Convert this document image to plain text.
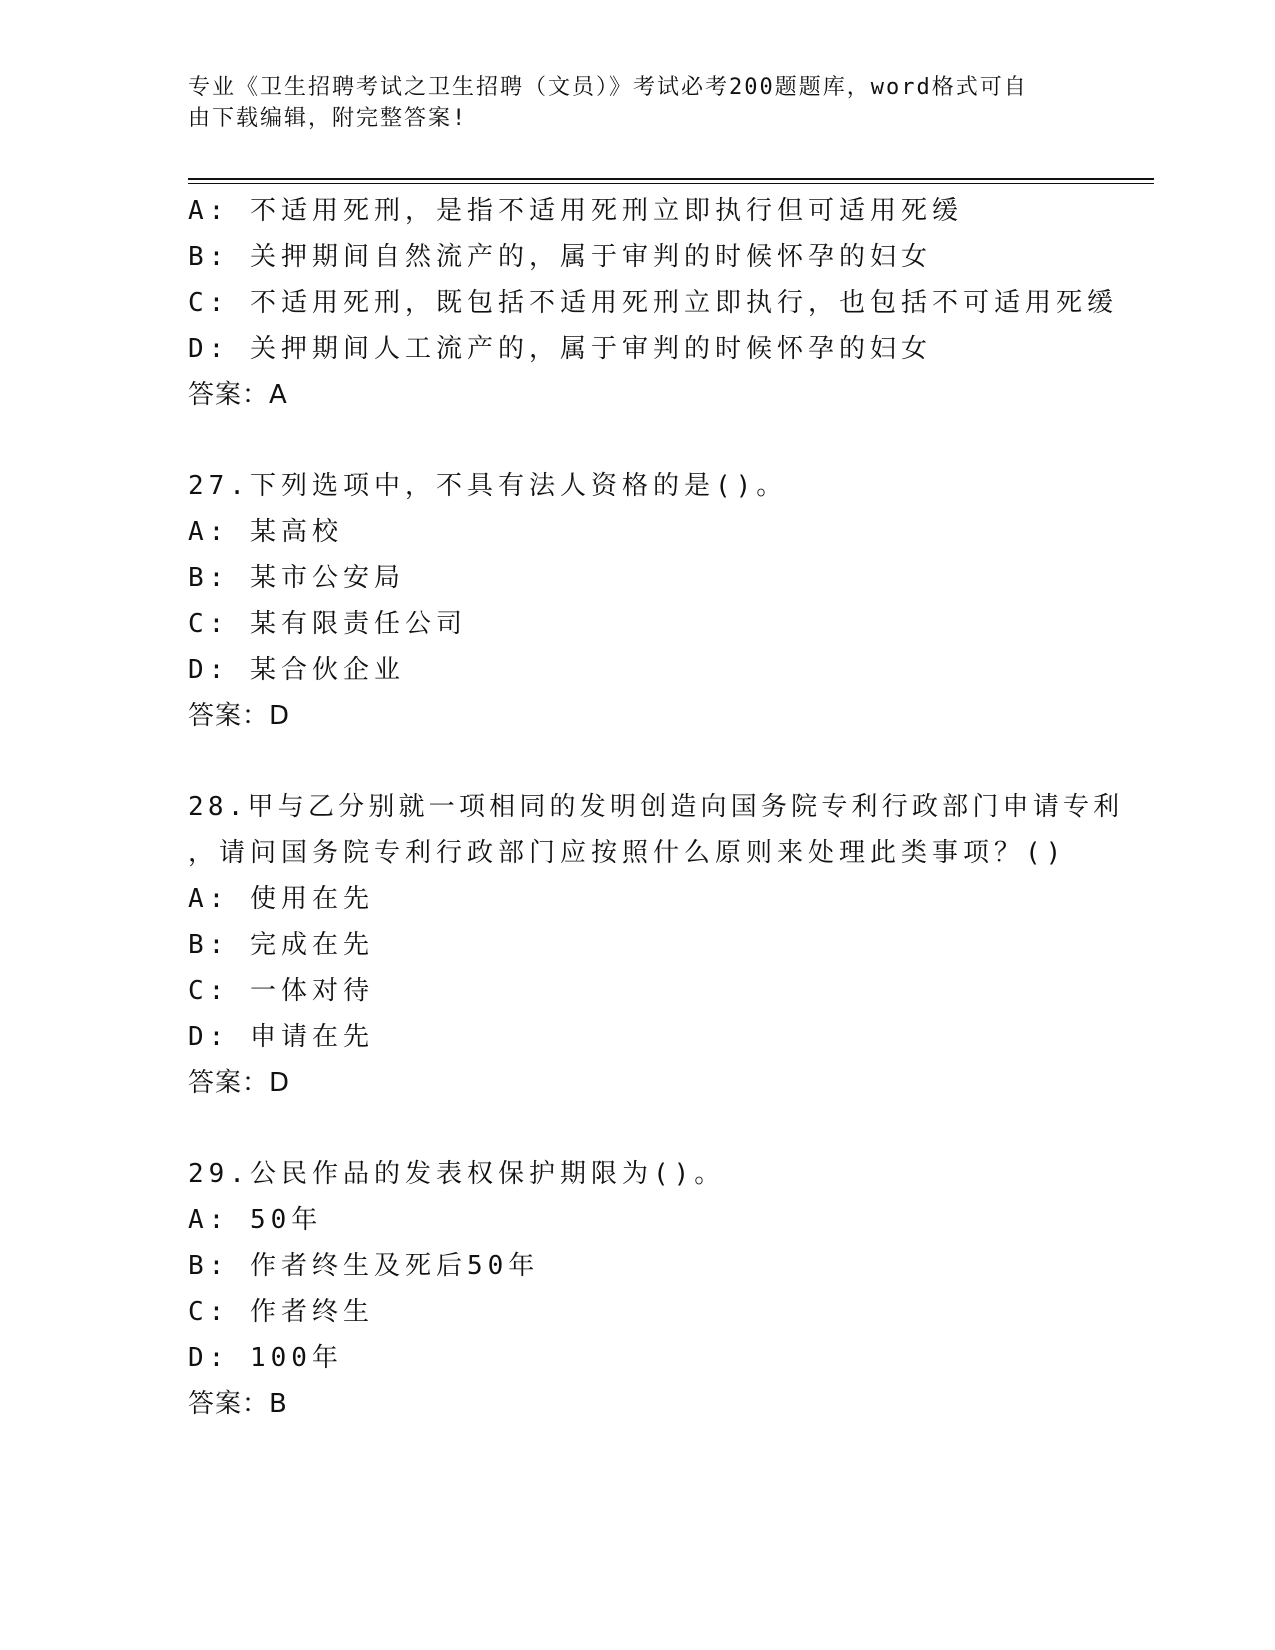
专业《卫生招聘考试之卫生招聘（文员）》考试必考200题题库，word格式可自
由下载编辑，附完整答案!
A: 不适用死刑，是指不适用死刑立即执行但可适用死缓
B: 关押期间自然流产的，属于审判的时候怀孕的妇女
C: 不适用死刑，既包括不适用死刑立即执行，也包括不可适用死缓
D: 关押期间人工流产的，属于审判的时候怀孕的妇女
答案：A
27.下列选项中，不具有法人资格的是()。
A: 某高校
B: 某市公安局
C: 某有限责任公司
D: 某合伙企业
答案：D
28.甲与乙分别就一项相同的发明创造向国务院专利行政部门申请专利
，请问国务院专利行政部门应按照什么原则来处理此类事项？()
A: 使用在先
B: 完成在先
C: 一体对待
D: 申请在先
答案：D
29.公民作品的发表权保护期限为()。
A: 50年
B: 作者终生及死后50年
C: 作者终生
D: 100年
答案：B
